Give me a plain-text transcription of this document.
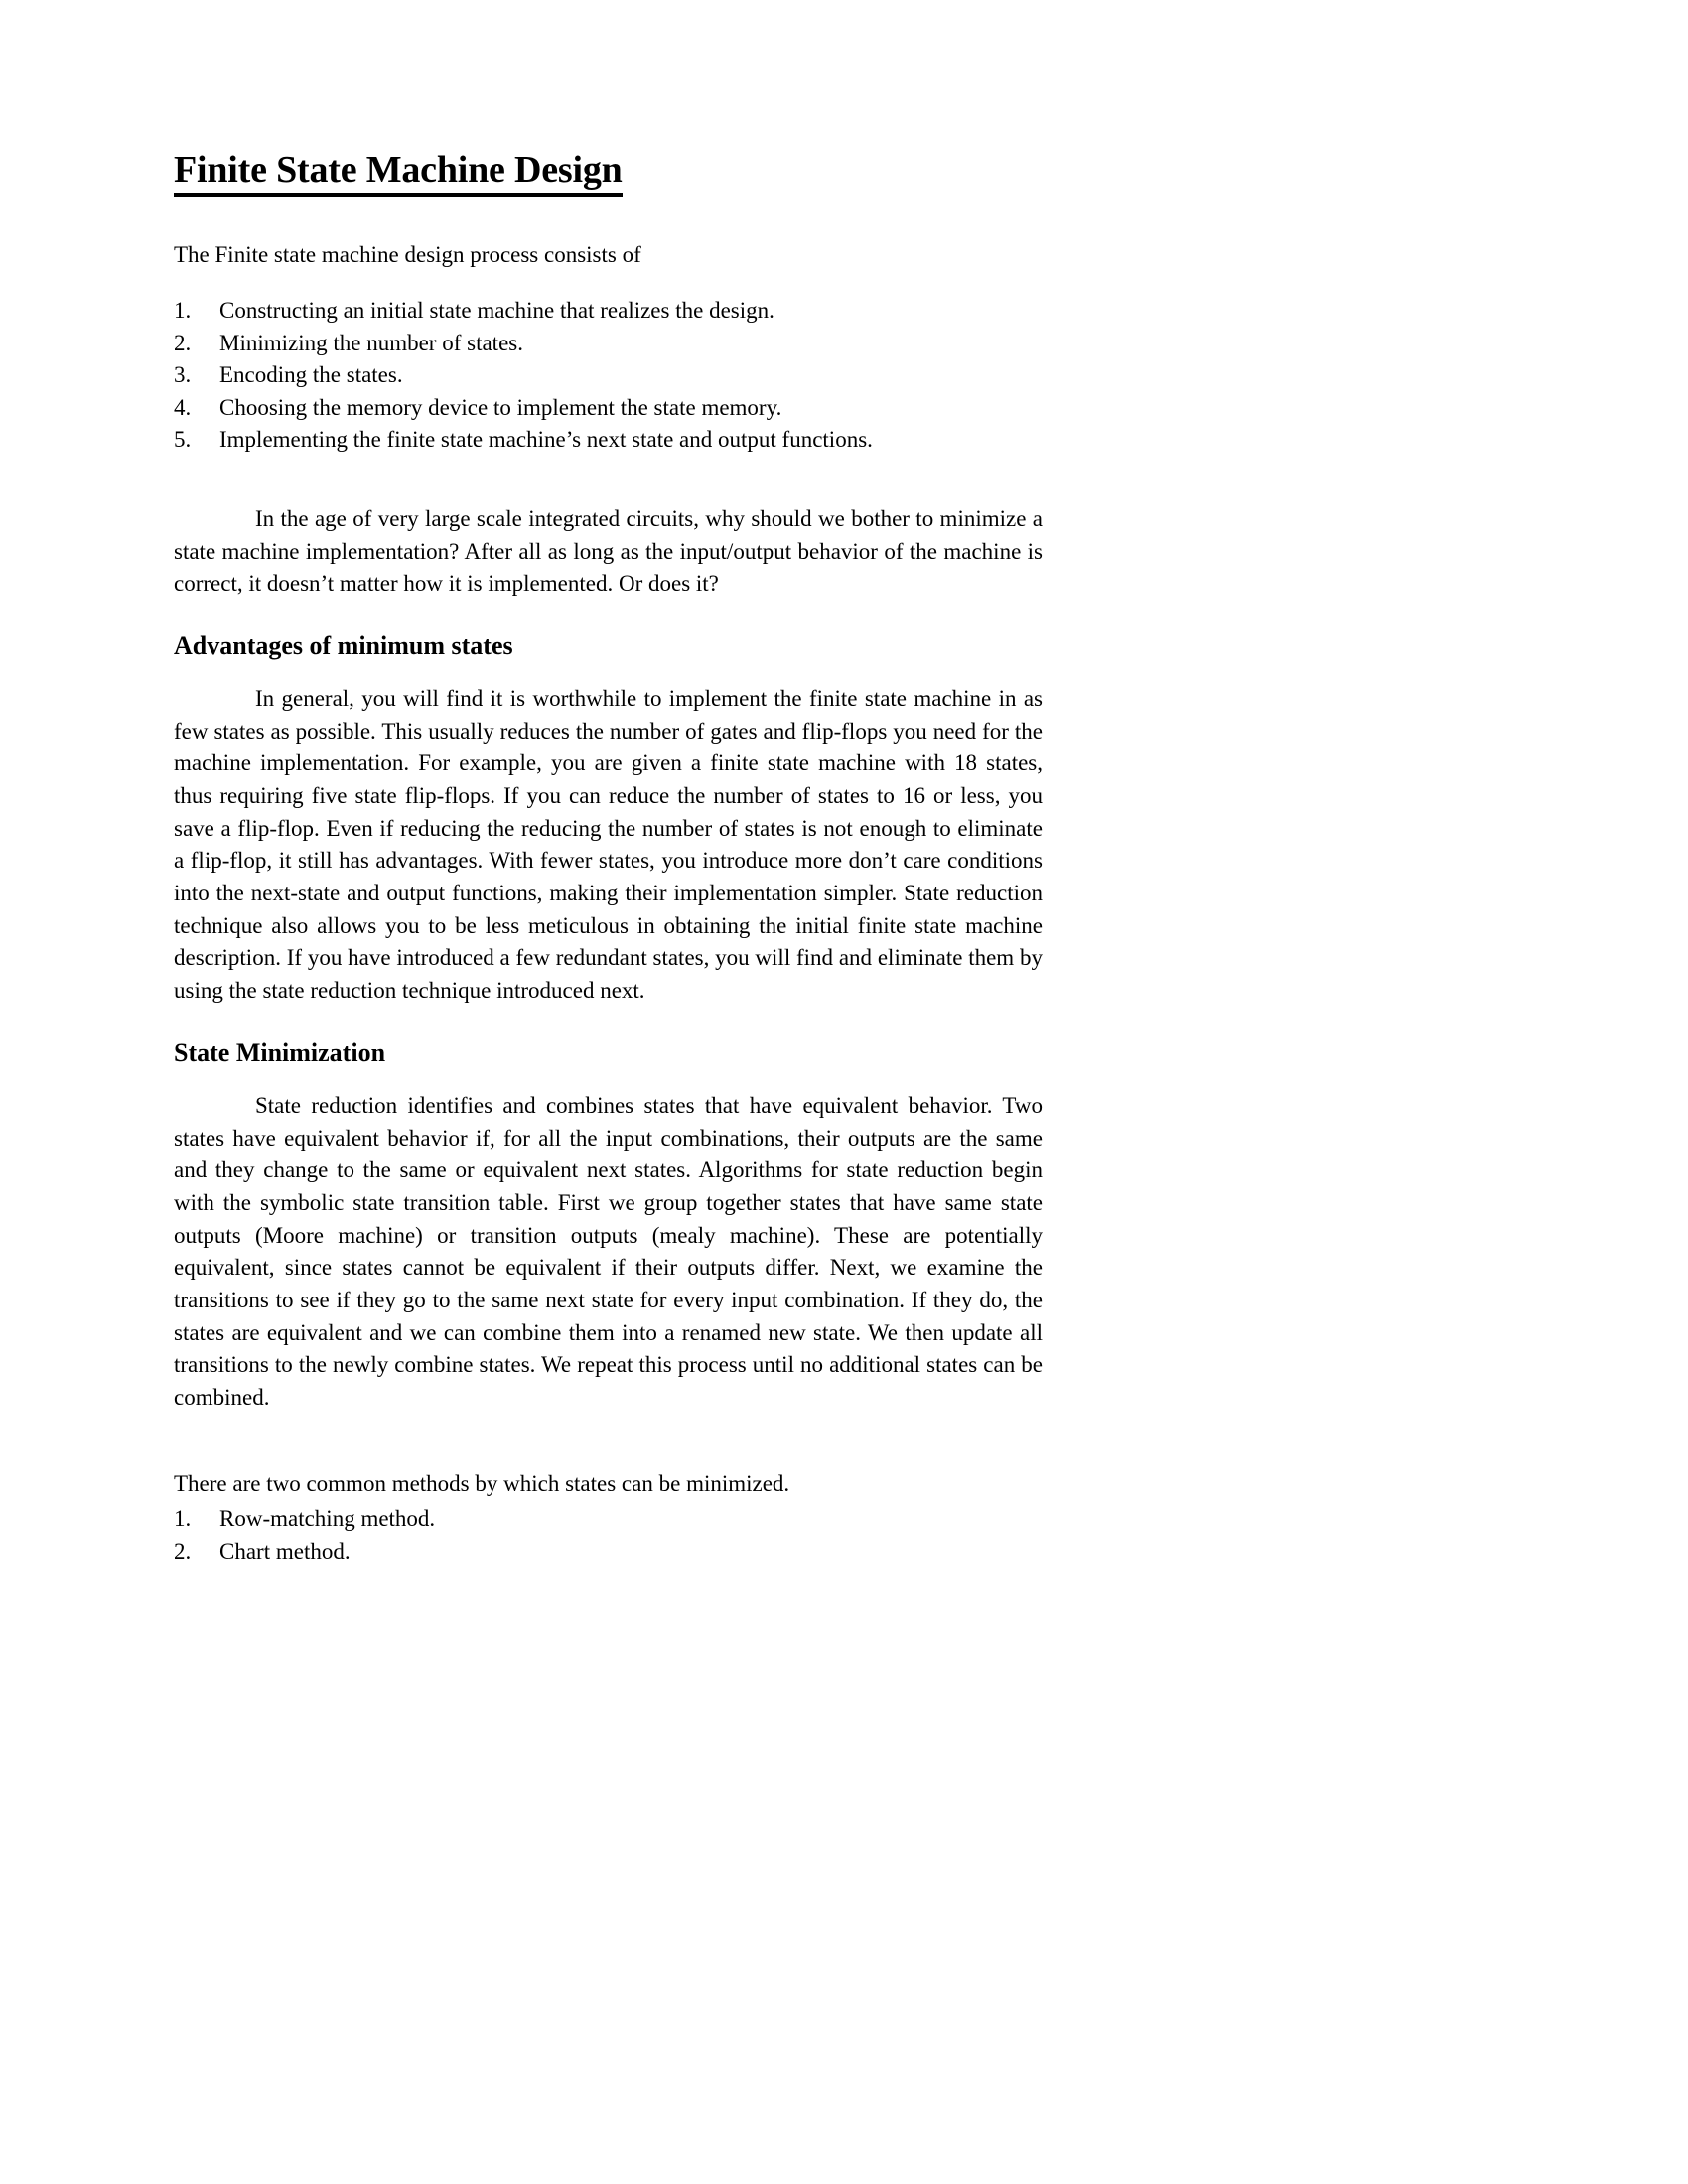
Finite State Machine Design

The Finite state machine design process consists of

1.	Constructing an initial state machine that realizes the design.
2.	Minimizing the number of states.
3.	Encoding the states.
4.	Choosing the memory device to implement the state memory.
5.	Implementing the finite state machine’s next state and output functions.

In the age of very large scale integrated circuits, why should we bother to minimize a state machine implementation? After all as long as the input/output behavior of the machine is correct, it doesn’t matter how it is implemented. Or does it?

Advantages of minimum states

In general, you will find it is worthwhile to implement the finite state machine in as few states as possible. This usually reduces the number of gates and flip-flops you need for the machine implementation. For example, you are given a finite state machine with 18 states, thus requiring five state flip-flops. If you can reduce the number of states to 16 or less, you save a flip-flop. Even if reducing the reducing the number of states is not enough to eliminate a flip-flop, it still has advantages. With fewer states, you introduce more don’t care conditions into the next-state and output functions, making their implementation simpler. State reduction technique also allows you to be less meticulous in obtaining the initial finite state machine description. If you have introduced a few redundant states, you will find and eliminate them by using the state reduction technique introduced next.

State Minimization

State reduction identifies and combines states that have equivalent behavior. Two states have equivalent behavior if, for all the input combinations, their outputs are the same and they change to the same or equivalent next states. Algorithms for state reduction begin with the symbolic state transition table. First we group together states that have same state outputs (Moore machine) or transition outputs (mealy machine). These are potentially equivalent, since states cannot be equivalent if their outputs differ. Next, we examine the transitions to see if they go to the same next state for every input combination. If they do, the states are equivalent and we can combine them into a renamed new state. We then update all transitions to the newly combine states. We repeat this process until no additional states can be combined.

There are two common methods by which states can be minimized.

1.	Row-matching method.
2.	Chart method.
